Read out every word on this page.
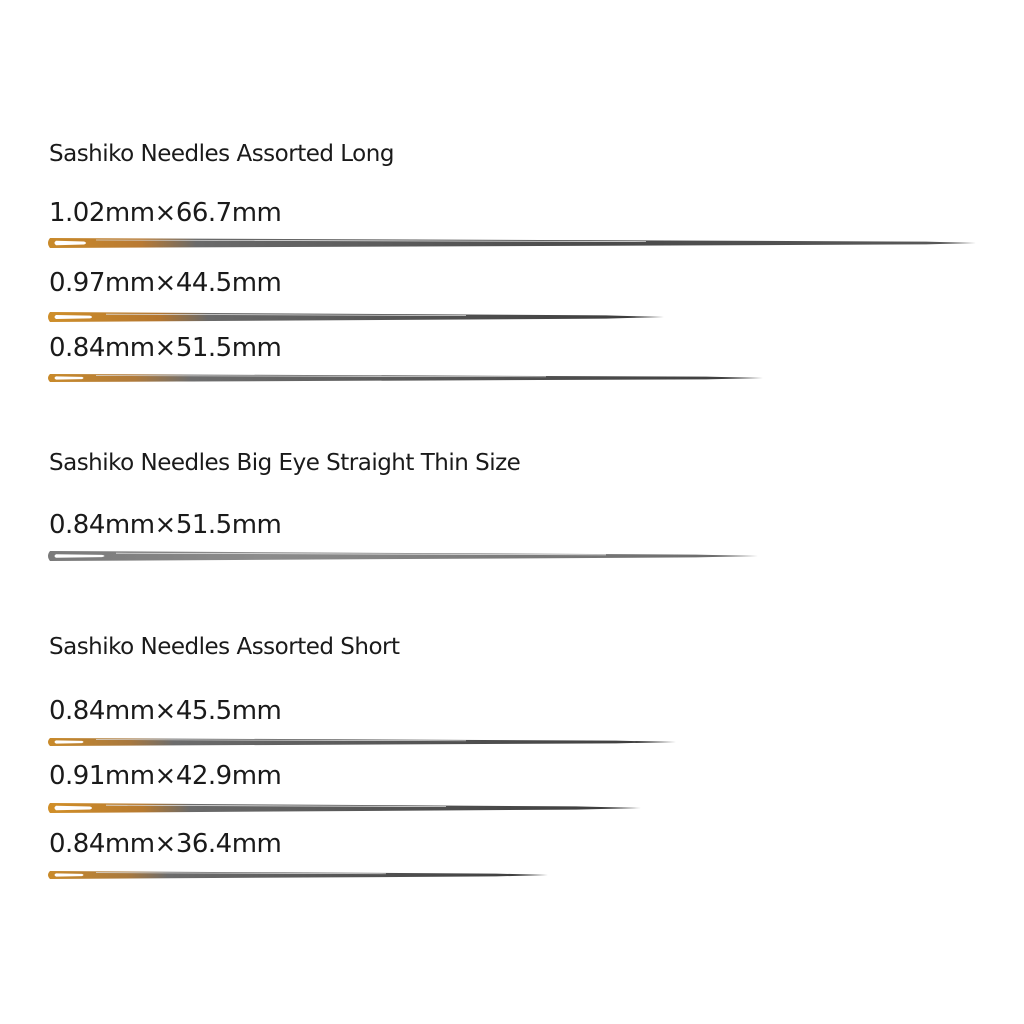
Sashiko Needles Assorted Long
1.02mm×66.7mm
0.97mm×44.5mm
0.84mm×51.5mm
Sashiko Needles Big Eye Straight Thin Size
0.84mm×51.5mm
Sashiko Needles Assorted Short
0.84mm×45.5mm
0.91mm×42.9mm
0.84mm×36.4mm
